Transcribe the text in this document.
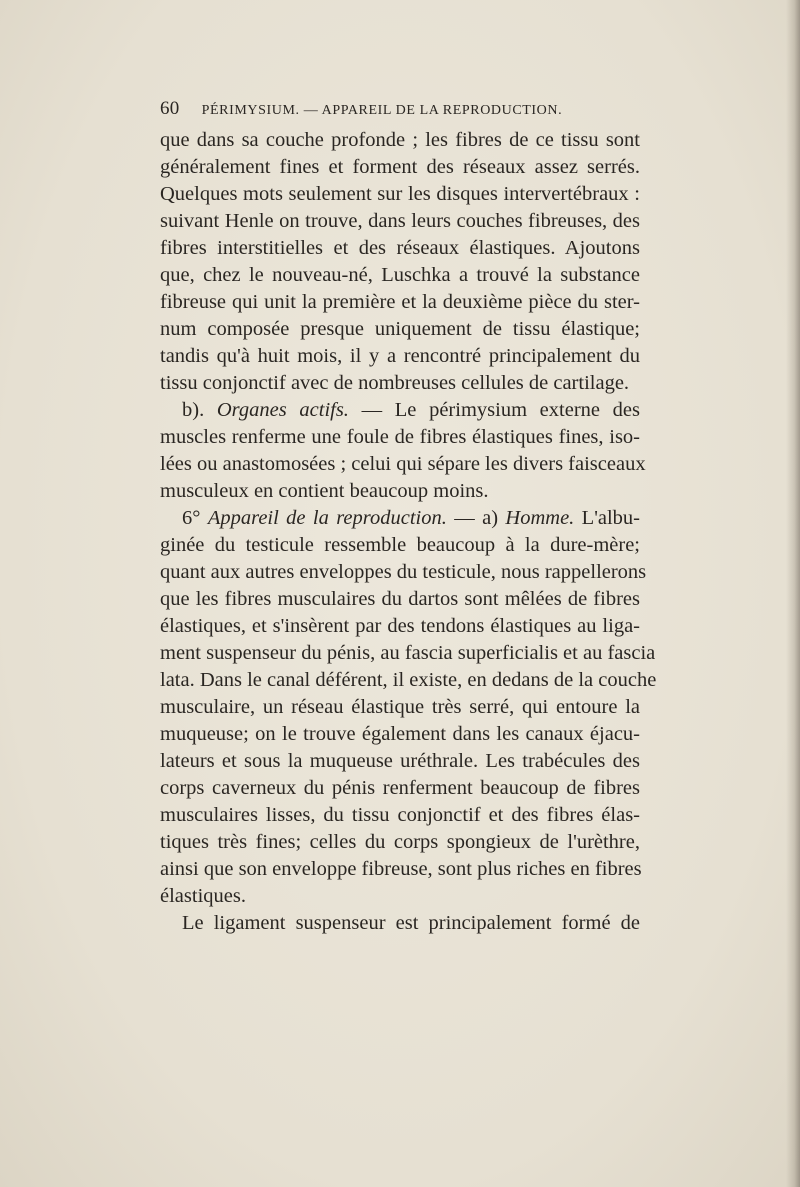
60 PÉRIMYSIUM. — APPAREIL DE LA REPRODUCTION.
que dans sa couche profonde ; les fibres de ce tissu sont
généralement fines et forment des réseaux assez serrés.
Quelques mots seulement sur les disques intervertébraux :
suivant Henle on trouve, dans leurs couches fibreuses, des
fibres interstitielles et des réseaux élastiques. Ajoutons
que, chez le nouveau-né, Luschka a trouvé la substance
fibreuse qui unit la première et la deuxième pièce du ster-
num composée presque uniquement de tissu élastique;
tandis qu'à huit mois, il y a rencontré principalement du
tissu conjonctif avec de nombreuses cellules de cartilage.
b). Organes actifs. — Le périmysium externe des
muscles renferme une foule de fibres élastiques fines, iso-
lées ou anastomosées ; celui qui sépare les divers faisceaux
musculeux en contient beaucoup moins.
6° Appareil de la reproduction. — a) Homme. L'albu-
ginée du testicule ressemble beaucoup à la dure-mère;
quant aux autres enveloppes du testicule, nous rappellerons
que les fibres musculaires du dartos sont mêlées de fibres
élastiques, et s'insèrent par des tendons élastiques au liga-
ment suspenseur du pénis, au fascia superficialis et au fascia
lata. Dans le canal déférent, il existe, en dedans de la couche
musculaire, un réseau élastique très serré, qui entoure la
muqueuse; on le trouve également dans les canaux éjacu-
lateurs et sous la muqueuse uréthrale. Les trabécules des
corps caverneux du pénis renferment beaucoup de fibres
musculaires lisses, du tissu conjonctif et des fibres élas-
tiques très fines; celles du corps spongieux de l'urèthre,
ainsi que son enveloppe fibreuse, sont plus riches en fibres
élastiques.
Le ligament suspenseur est principalement formé de
